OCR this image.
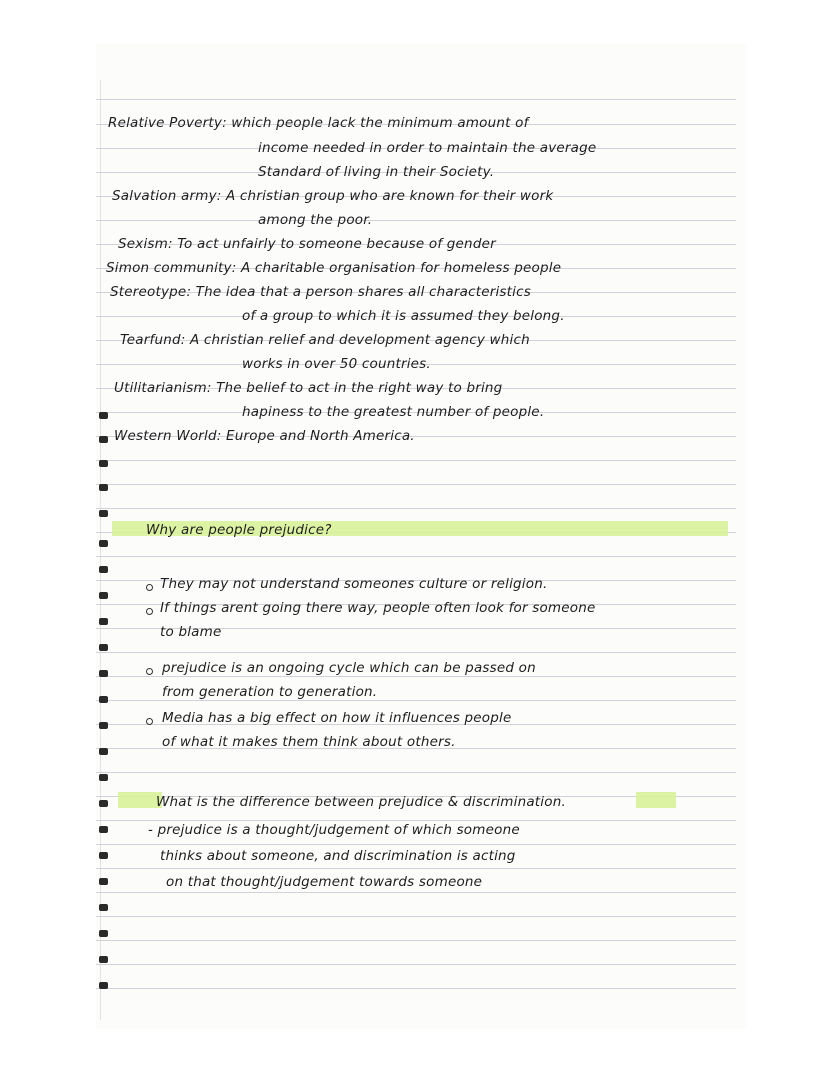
Relative Poverty: which people lack the minimum amount of
income needed in order to maintain the average
Standard of living in their Society.
Salvation army: A christian group who are known for their work
among the poor.
Sexism: To act unfairly to someone because of gender
Simon community: A charitable organisation for homeless people
Stereotype: The idea that a person shares all characteristics
of a group to which it is assumed they belong.
Tearfund: A christian relief and development agency which
works in over 50 countries.
Utilitarianism: The belief to act in the right way to bring
hapiness to the greatest number of people.
Western World: Europe and North America.
Why are people prejudice?
They may not understand someones culture or religion.
If things arent going there way, people often look for someone
to blame
prejudice is an ongoing cycle which can be passed on
from generation to generation.
Media has a big effect on how it influences people
of what it makes them think about others.
What is the difference between prejudice & discrimination.
- prejudice is a thought/judgement of which someone
thinks about someone, and discrimination is acting
on that thought/judgement towards someone
